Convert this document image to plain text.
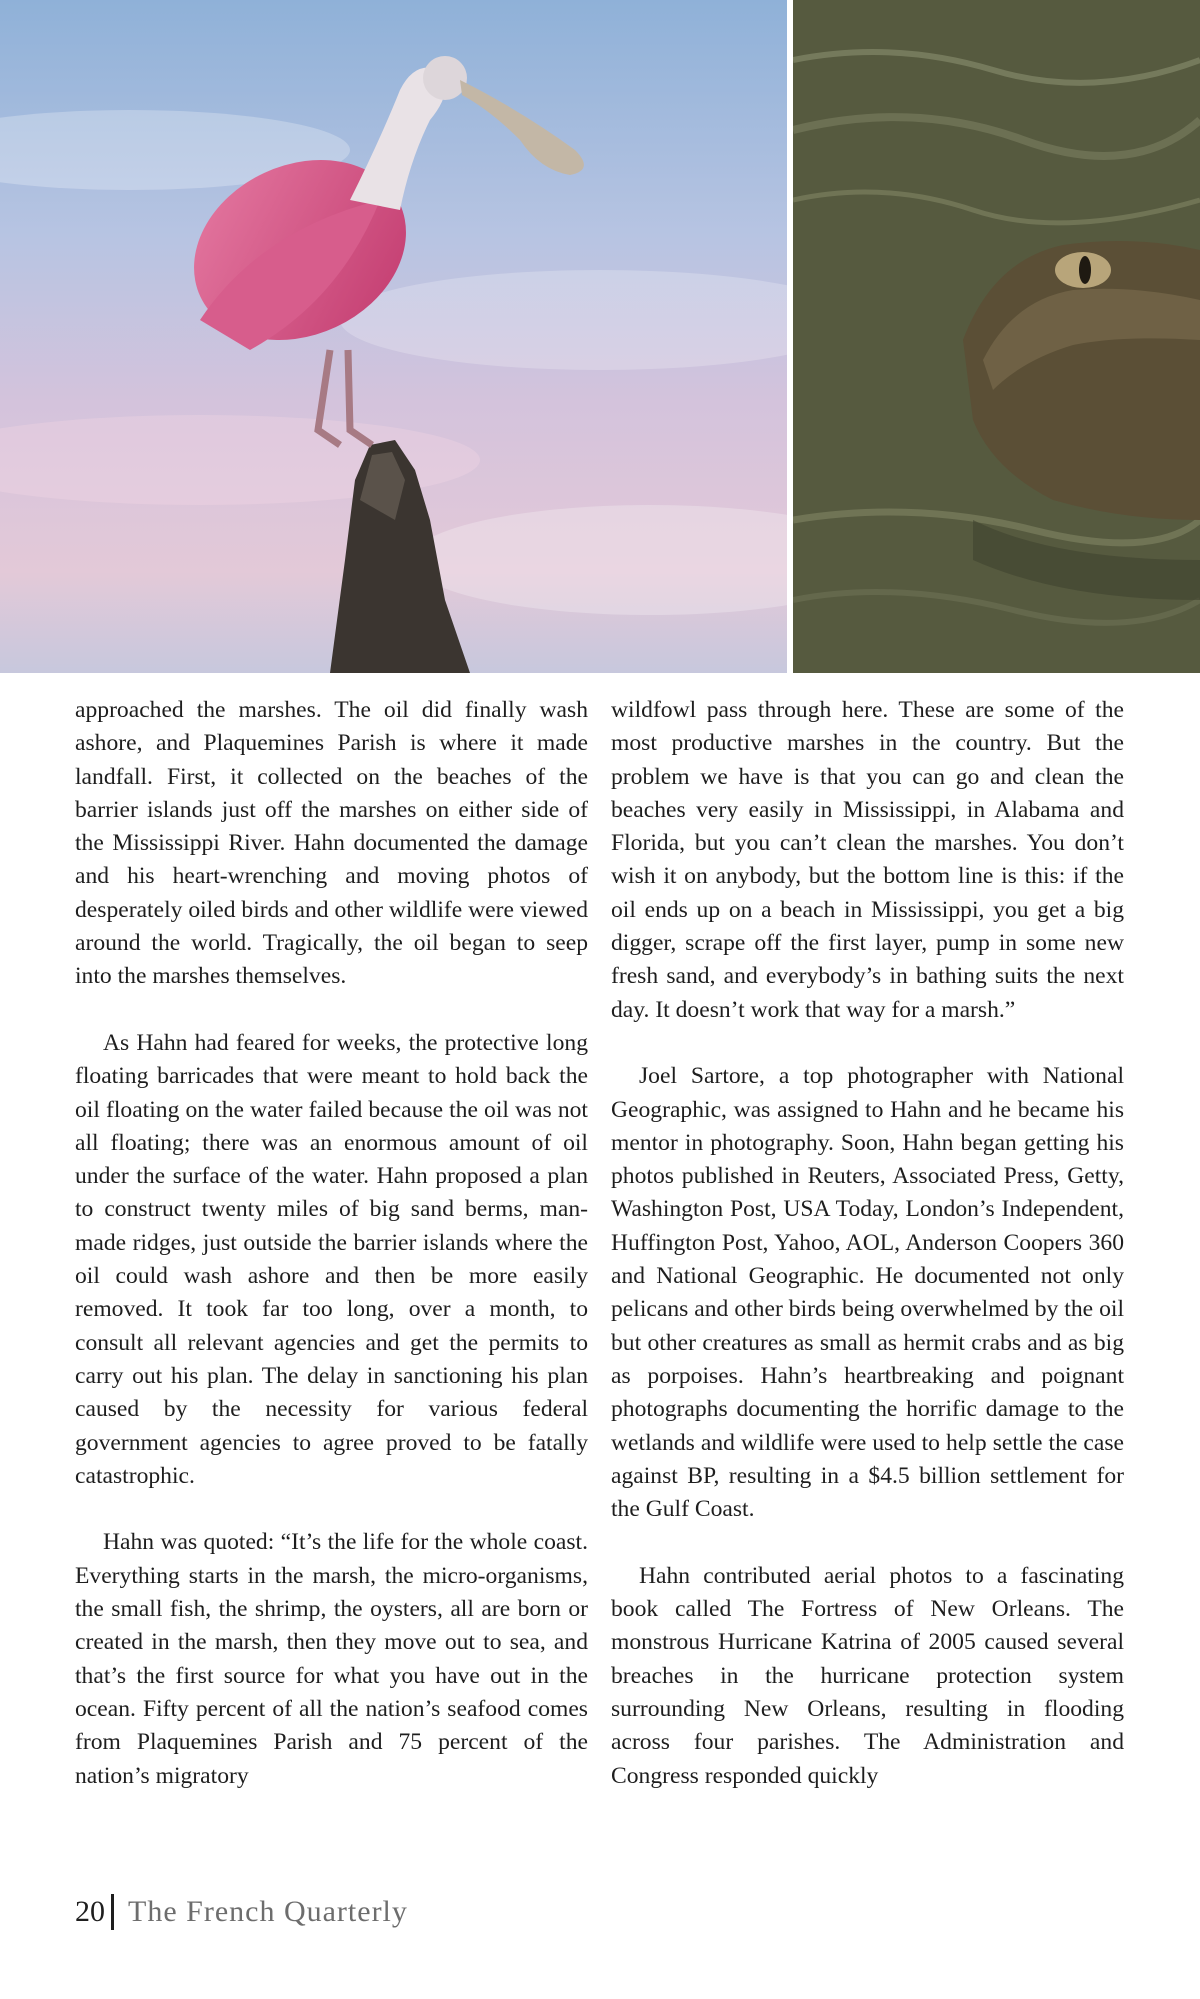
approached the marshes. The oil did finally wash ashore, and Plaquemines Parish is where it made landfall. First, it collected on the beaches of the barrier islands just off the marshes on either side of the Mississippi River. Hahn documented the damage and his heart-wrenching and moving photos of desperately oiled birds and other wildlife were viewed around the world. Tragically, the oil began to seep into the marshes themselves.

As Hahn had feared for weeks, the protective long floating barricades that were meant to hold back the oil floating on the water failed because the oil was not all floating; there was an enormous amount of oil under the surface of the water. Hahn proposed a plan to construct twenty miles of big sand berms, man-made ridges, just outside the barrier islands where the oil could wash ashore and then be more easily removed. It took far too long, over a month, to consult all relevant agencies and get the permits to carry out his plan. The delay in sanctioning his plan caused by the necessity for various federal government agencies to agree proved to be fatally catastrophic.

Hahn was quoted: “It’s the life for the whole coast. Everything starts in the marsh, the micro-organisms, the small fish, the shrimp, the oysters, all are born or created in the marsh, then they move out to sea, and that’s the first source for what you have out in the ocean. Fifty percent of all the nation’s seafood comes from Plaquemines Parish and 75 percent of the nation’s migratory

wildfowl pass through here. These are some of the most productive marshes in the country. But the problem we have is that you can go and clean the beaches very easily in Mississippi, in Alabama and Florida, but you can’t clean the marshes. You don’t wish it on anybody, but the bottom line is this: if the oil ends up on a beach in Mississippi, you get a big digger, scrape off the first layer, pump in some new fresh sand, and everybody’s in bathing suits the next day. It doesn’t work that way for a marsh.”

Joel Sartore, a top photographer with National Geographic, was assigned to Hahn and he became his mentor in photography. Soon, Hahn began getting his photos published in Reuters, Associated Press, Getty, Washington Post, USA Today, London’s Independent, Huffington Post, Yahoo, AOL, Anderson Coopers 360 and National Geographic. He documented not only pelicans and other birds being overwhelmed by the oil but other creatures as small as hermit crabs and as big as porpoises. Hahn’s heartbreaking and poignant photographs documenting the horrific damage to the wetlands and wildlife were used to help settle the case against BP, resulting in a $4.5 billion settlement for the Gulf Coast.

Hahn contributed aerial photos to a fascinating book called The Fortress of New Orleans. The monstrous Hurricane Katrina of 2005 caused several breaches in the hurricane protection system surrounding New Orleans, resulting in flooding across four parishes. The Administration and Congress responded quickly

20 The French Quarterly
